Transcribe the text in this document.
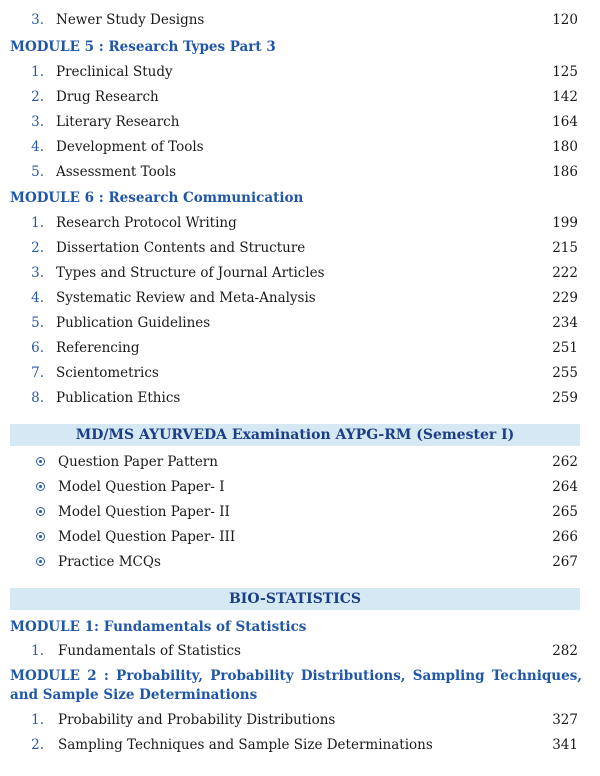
3. Newer Study Designs	120
MODULE 5 : Research Types Part 3
1. Preclinical Study	125
2. Drug Research	142
3. Literary Research	164
4. Development of Tools	180
5. Assessment Tools	186
MODULE 6 : Research Communication
1. Research Protocol Writing	199
2. Dissertation Contents and Structure	215
3. Types and Structure of Journal Articles	222
4. Systematic Review and Meta-Analysis	229
5. Publication Guidelines	234
6. Referencing	251
7. Scientometrics	255
8. Publication Ethics	259
MD/MS AYURVEDA Examination AYPG-RM (Semester I)
Question Paper Pattern	262
Model Question Paper- I	264
Model Question Paper- II	265
Model Question Paper- III	266
Practice MCQs	267
BIO-STATISTICS
MODULE 1: Fundamentals of Statistics
1. Fundamentals of Statistics	282
MODULE 2 : Probability, Probability Distributions, Sampling Techniques, and Sample Size Determinations
1. Probability and Probability Distributions	327
2. Sampling Techniques and Sample Size Determinations	341
